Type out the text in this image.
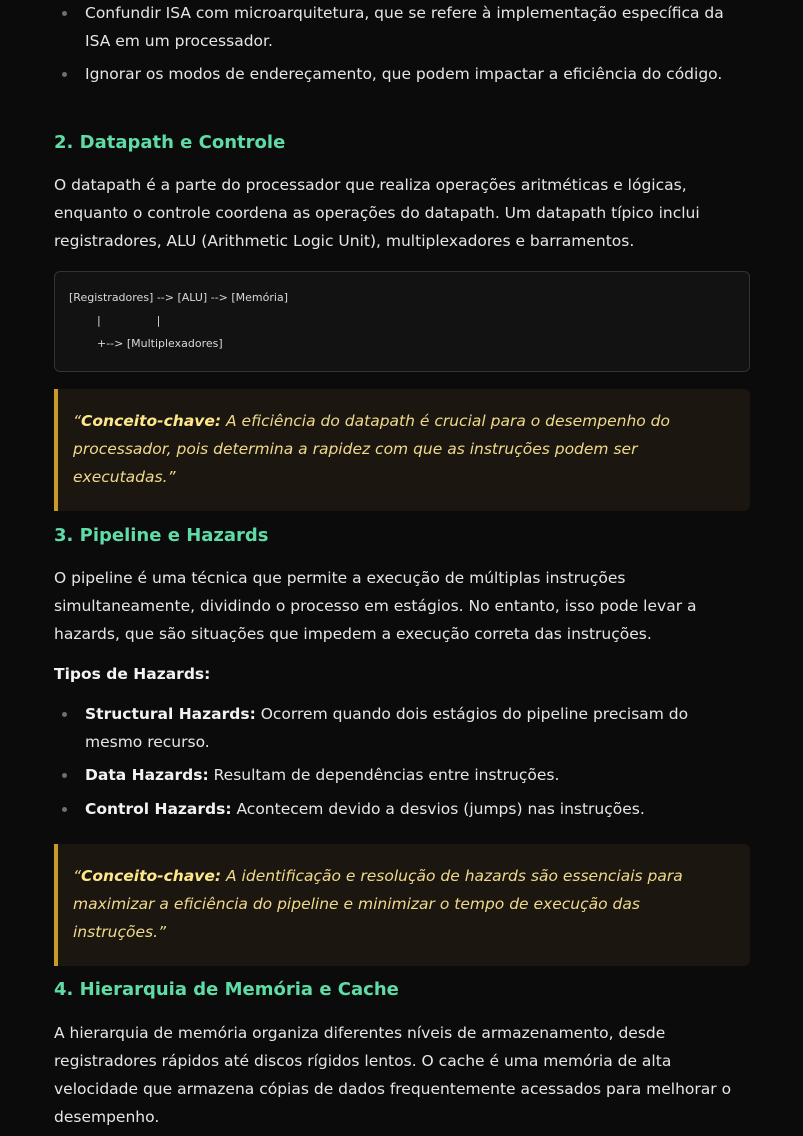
Confundir ISA com microarquitetura, que se refere à implementação específica da ISA em um processador.
Ignorar os modos de endereçamento, que podem impactar a eficiência do código.
2. Datapath e Controle

O datapath é a parte do processador que realiza operações aritméticas e lógicas, enquanto o controle coordena as operações do datapath. Um datapath típico inclui registradores, ALU (Arithmetic Logic Unit), multiplexadores e barramentos.

[Registradores] --> [ALU] --> [Memória]
|                |
+--> [Multiplexadores]
“Conceito-chave: A eficiência do datapath é crucial para o desempenho do processador, pois determina a rapidez com que as instruções podem ser executadas.”
3. Pipeline e Hazards

O pipeline é uma técnica que permite a execução de múltiplas instruções simultaneamente, dividindo o processo em estágios. No entanto, isso pode levar a hazards, que são situações que impedem a execução correta das instruções.

Tipos de Hazards:
Structural Hazards: Ocorrem quando dois estágios do pipeline precisam do mesmo recurso.
Data Hazards: Resultam de dependências entre instruções.
Control Hazards: Acontecem devido a desvios (jumps) nas instruções.
“Conceito-chave: A identificação e resolução de hazards são essenciais para maximizar a eficiência do pipeline e minimizar o tempo de execução das instruções.”
4. Hierarquia de Memória e Cache

A hierarquia de memória organiza diferentes níveis de armazenamento, desde registradores rápidos até discos rígidos lentos. O cache é uma memória de alta velocidade que armazena cópias de dados frequentemente acessados para melhorar o desempenho.
